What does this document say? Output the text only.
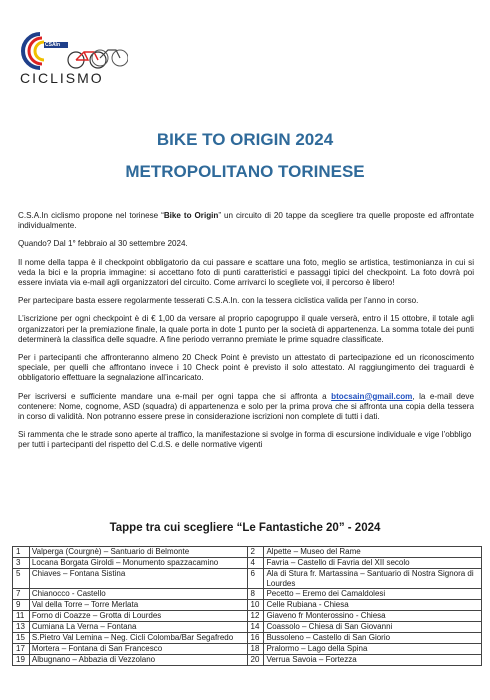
CSAIn
CICLISMO
BIKE TO ORIGIN 2024
METROPOLITANO TORINESE

C.S.A.In ciclismo propone nel torinese “Bike to Origin” un circuito di 20 tappe da scegliere tra quelle proposte ed affrontate individualmente.

Quando? Dal 1° febbraio al 30 settembre 2024.

Il nome della tappa è il checkpoint obbligatorio da cui passare e scattare una foto, meglio se artistica, testimonianza in cui si veda la bici e la propria immagine: si accettano foto di punti caratteristici e passaggi tipici del checkpoint. La foto dovrà poi essere inviata via e-mail agli organizzatori del circuito. Come arrivarci lo scegliete voi, il percorso è libero!

Per partecipare basta essere regolarmente tesserati C.S.A.In. con la tessera ciclistica valida per l’anno in corso.

L’iscrizione per ogni checkpoint è di € 1,00 da versare al proprio capogruppo il quale verserà, entro il 15 ottobre, il totale agli organizzatori per la premiazione finale, la quale porta in dote 1 punto per la società di appartenenza. La somma totale dei punti determinerà la classifica delle squadre. A fine periodo verranno premiate le prime squadre classificate.

Per i partecipanti che affronteranno almeno 20 Check Point è previsto un attestato di partecipazione ed un riconoscimento speciale, per quelli che affrontano invece i 10 Check point è previsto il solo attestato. Al raggiungimento dei traguardi è obbligatorio effettuare la segnalazione all’incaricato.

Per iscriversi e sufficiente mandare una e-mail per ogni tappa che si affronta a btocsain@gmail.com, la e-mail deve contenere: Nome, cognome, ASD (squadra) di appartenenza e solo per la prima prova che si affronta una copia della tessera in corso di validità. Non potranno essere prese in considerazione iscrizioni non complete di tutti i dati.

Si rammenta che le strade sono aperte al traffico, la manifestazione si svolge in forma di escursione individuale e vige l’obbligo per tutti i partecipanti del rispetto del C.d.S. e delle normative vigenti

Tappe tra cui scegliere “Le Fantastiche 20” - 2024
1	Valperga (Courgnè) – Santuario di Belmonte	2	Alpette – Museo del Rame
3	Locana Borgata Giroldi – Monumento spazzacamino	4	Favria – Castello di Favria del XII secolo
5	Chiaves – Fontana Sistina	6	Ala di Stura fr. Martassina – Santuario di Nostra Signora di Lourdes
7	Chianocco - Castello	8	Pecetto – Eremo dei Camaldolesi
9	Val della Torre – Torre Merlata	10	Celle Rubiana - Chiesa
11	Forno di Coazze – Grotta di Lourdes	12	Giaveno fr Monterossino - Chiesa
13	Cumiana La Verna – Fontana	14	Coassolo – Chiesa di San Giovanni
15	S.Pietro Val Lemina – Neg. Cicli Colomba/Bar Segafredo	16	Bussoleno – Castello di San Giorio
17	Mortera – Fontana di San Francesco	18	Pralormo – Lago della Spina
19	Albugnano – Abbazia di Vezzolano	20	Verrua Savoia – Fortezza
